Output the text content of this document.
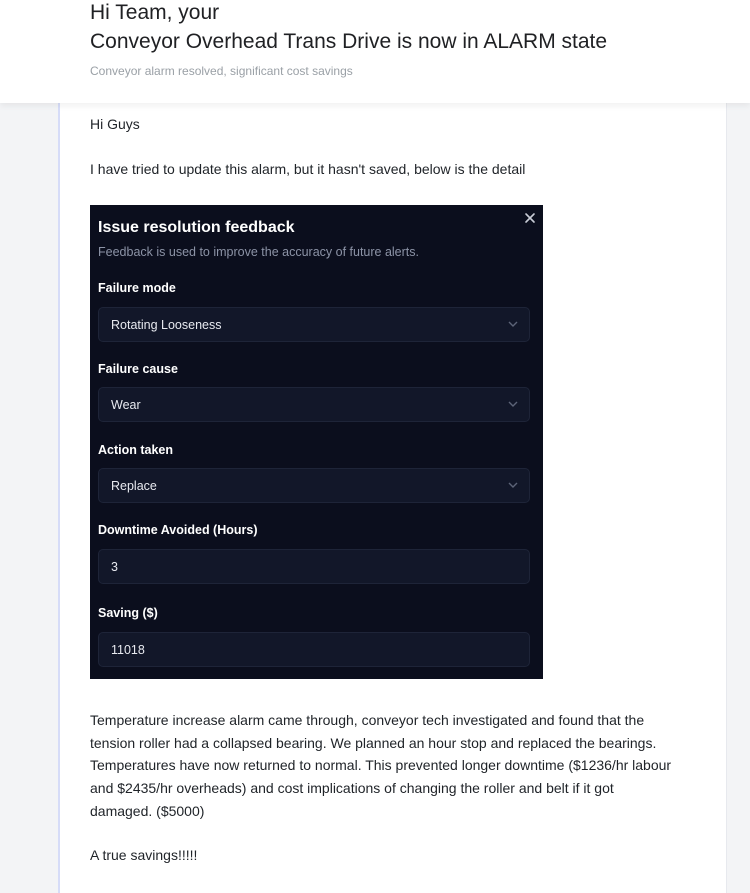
Hi Team, your
Conveyor Overhead Trans Drive is now in ALARM state
Conveyor alarm resolved, significant cost savings
Hi Guys
I have tried to update this alarm, but it hasn't saved, below is the detail
Issue resolution feedback
Feedback is used to improve the accuracy of future alerts.
Failure mode
Rotating Looseness
Failure cause
Wear
Action taken
Replace
Downtime Avoided (Hours)
3
Saving ($)
11018
Temperature increase alarm came through, conveyor tech investigated and found that the tension roller had a collapsed bearing. We planned an hour stop and replaced the bearings. Temperatures have now returned to normal. This prevented longer downtime ($1236/hr labour and $2435/hr overheads) and cost implications of changing the roller and belt if it got damaged. ($5000)
A true savings!!!!!
